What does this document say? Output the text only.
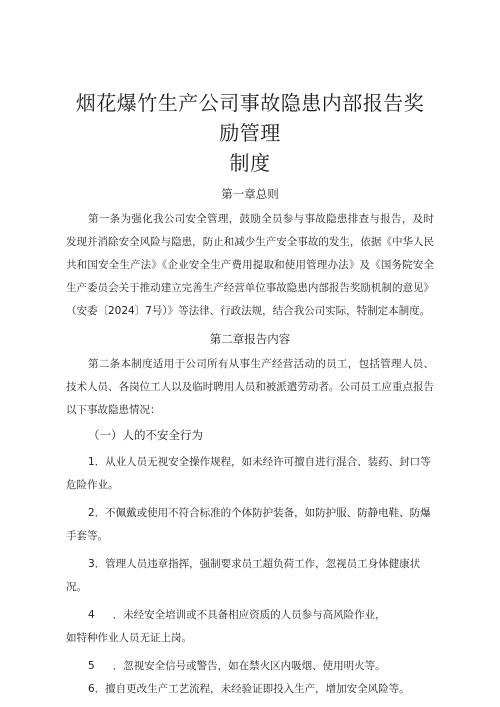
烟花爆竹生产公司事故隐患内部报告奖励管理
制度
第一章总则

第一条为强化我公司安全管理，鼓励全员参与事故隐患排查与报告，及时发现并消除安全风险与隐患，防止和减少生产安全事故的发生，依据《中华人民共和国安全生产法》《企业安全生产费用提取和使用管理办法》及《国务院安全生产委员会关于推动建立完善生产经营单位事故隐患内部报告奖励机制的意见》（安委〔2024〕7号）》等法律、行政法规，结合我公司实际，特制定本制度。

第二章报告内容

第二条本制度适用于公司所有从事生产经营活动的员工，包括管理人员、技术人员、各岗位工人以及临时聘用人员和被派遣劳动者。公司员工应重点报告以下事故隐患情况：

（一）人的不安全行为

1．从业人员无视安全操作规程，如未经许可擅自进行混合、装药、封口等危险作业。

2．不佩戴或使用不符合标准的个体防护装备，如防护服、防静电鞋、防爆手套等。

3．管理人员违章指挥，强制要求员工超负荷工作，忽视员工身体健康状况。

4 ．未经安全培训或不具备相应资质的人员参与高风险作业，
如特种作业人员无证上岗。

5 ．忽视安全信号或警告，如在禁火区内吸烟、使用明火等。

6．擅自更改生产工艺流程，未经验证即投入生产，增加安全风险等。
